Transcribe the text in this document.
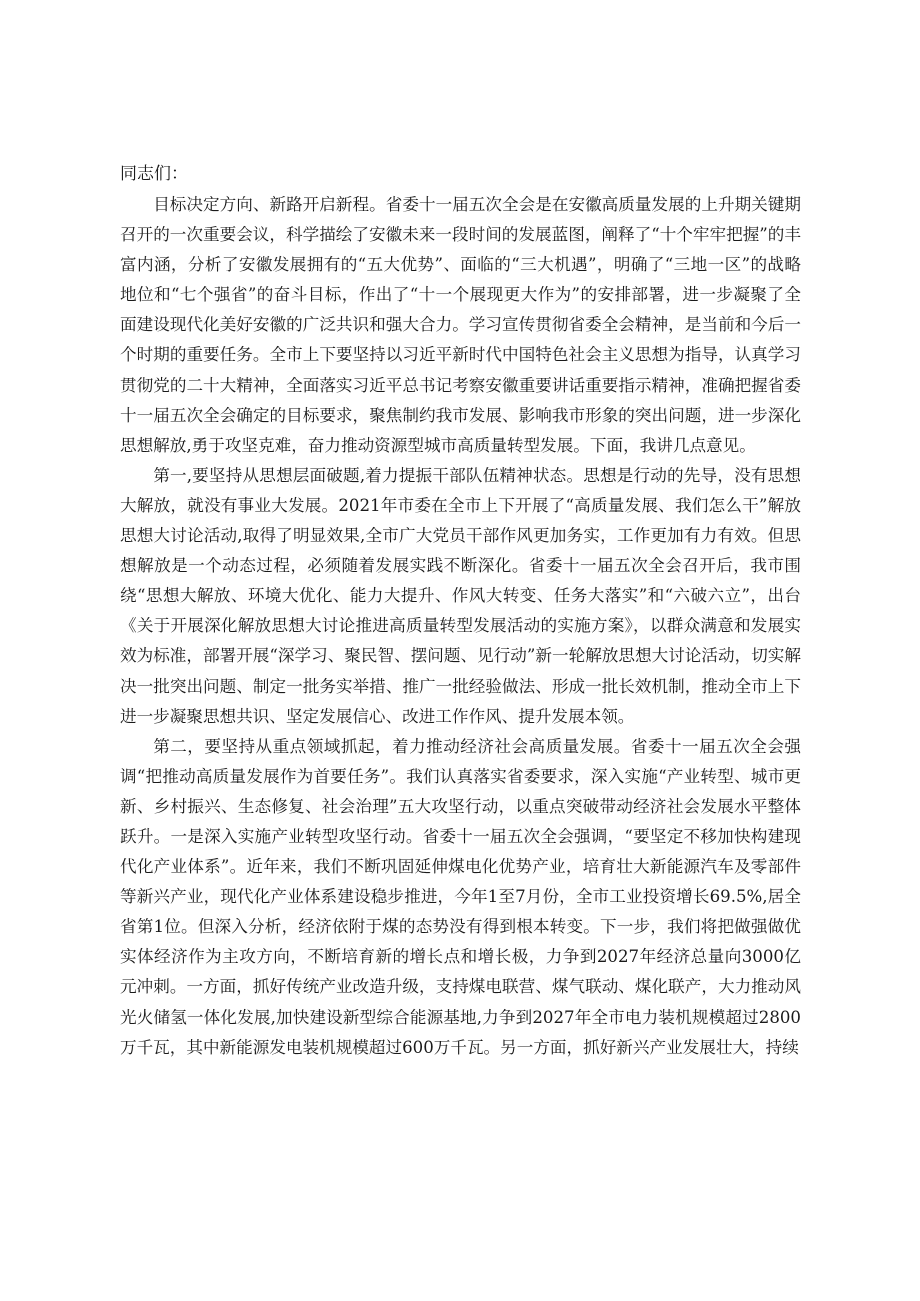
同志们：

目标决定方向、新路开启新程。省委十一届五次全会是在安徽高质量发展的上升期关键期召开的一次重要会议，科学描绘了安徽未来一段时间的发展蓝图，阐释了“十个牢牢把握”的丰富内涵，分析了安徽发展拥有的“五大优势”、面临的“三大机遇”，明确了“三地一区”的战略地位和“七个强省”的奋斗目标，作出了“十一个展现更大作为”的安排部署，进一步凝聚了全面建设现代化美好安徽的广泛共识和强大合力。学习宣传贯彻省委全会精神，是当前和今后一个时期的重要任务。全市上下要坚持以习近平新时代中国特色社会主义思想为指导，认真学习贯彻党的二十大精神，全面落实习近平总书记考察安徽重要讲话重要指示精神，准确把握省委十一届五次全会确定的目标要求，聚焦制约我市发展、影响我市形象的突出问题，进一步深化思想解放,勇于攻坚克难，奋力推动资源型城市高质量转型发展。下面，我讲几点意见。

第一,要坚持从思想层面破题,着力提振干部队伍精神状态。思想是行动的先导，没有思想大解放，就没有事业大发展。2021年市委在全市上下开展了“高质量发展、我们怎么干”解放思想大讨论活动,取得了明显效果,全市广大党员干部作风更加务实，工作更加有力有效。但思想解放是一个动态过程，必须随着发展实践不断深化。省委十一届五次全会召开后，我市围绕“思想大解放、环境大优化、能力大提升、作风大转变、任务大落实”和“六破六立”，出台《关于开展深化解放思想大讨论推进高质量转型发展活动的实施方案》，以群众满意和发展实效为标准，部署开展“深学习、聚民智、摆问题、见行动”新一轮解放思想大讨论活动，切实解决一批突出问题、制定一批务实举措、推广一批经验做法、形成一批长效机制，推动全市上下进一步凝聚思想共识、坚定发展信心、改进工作作风、提升发展本领。

第二，要坚持从重点领域抓起，着力推动经济社会高质量发展。省委十一届五次全会强调“把推动高质量发展作为首要任务”。我们认真落实省委要求，深入实施“产业转型、城市更新、乡村振兴、生态修复、社会治理”五大攻坚行动，以重点突破带动经济社会发展水平整体跃升。一是深入实施产业转型攻坚行动。省委十一届五次全会强调，“要坚定不移加快构建现代化产业体系”。近年来，我们不断巩固延伸煤电化优势产业，培育壮大新能源汽车及零部件等新兴产业，现代化产业体系建设稳步推进，今年1至7月份，全市工业投资增长69.5%,居全省第1位。但深入分析，经济依附于煤的态势没有得到根本转变。下一步，我们将把做强做优实体经济作为主攻方向，不断培育新的增长点和增长极，力争到2027年经济总量向3000亿元冲刺。一方面，抓好传统产业改造升级，支持煤电联营、煤气联动、煤化联产，大力推动风光火储氢一体化发展,加快建设新型综合能源基地,力争到2027年全市电力装机规模超过2800万千瓦，其中新能源发电装机规模超过600万千瓦。另一方面，抓好新兴产业发展壮大，持续
